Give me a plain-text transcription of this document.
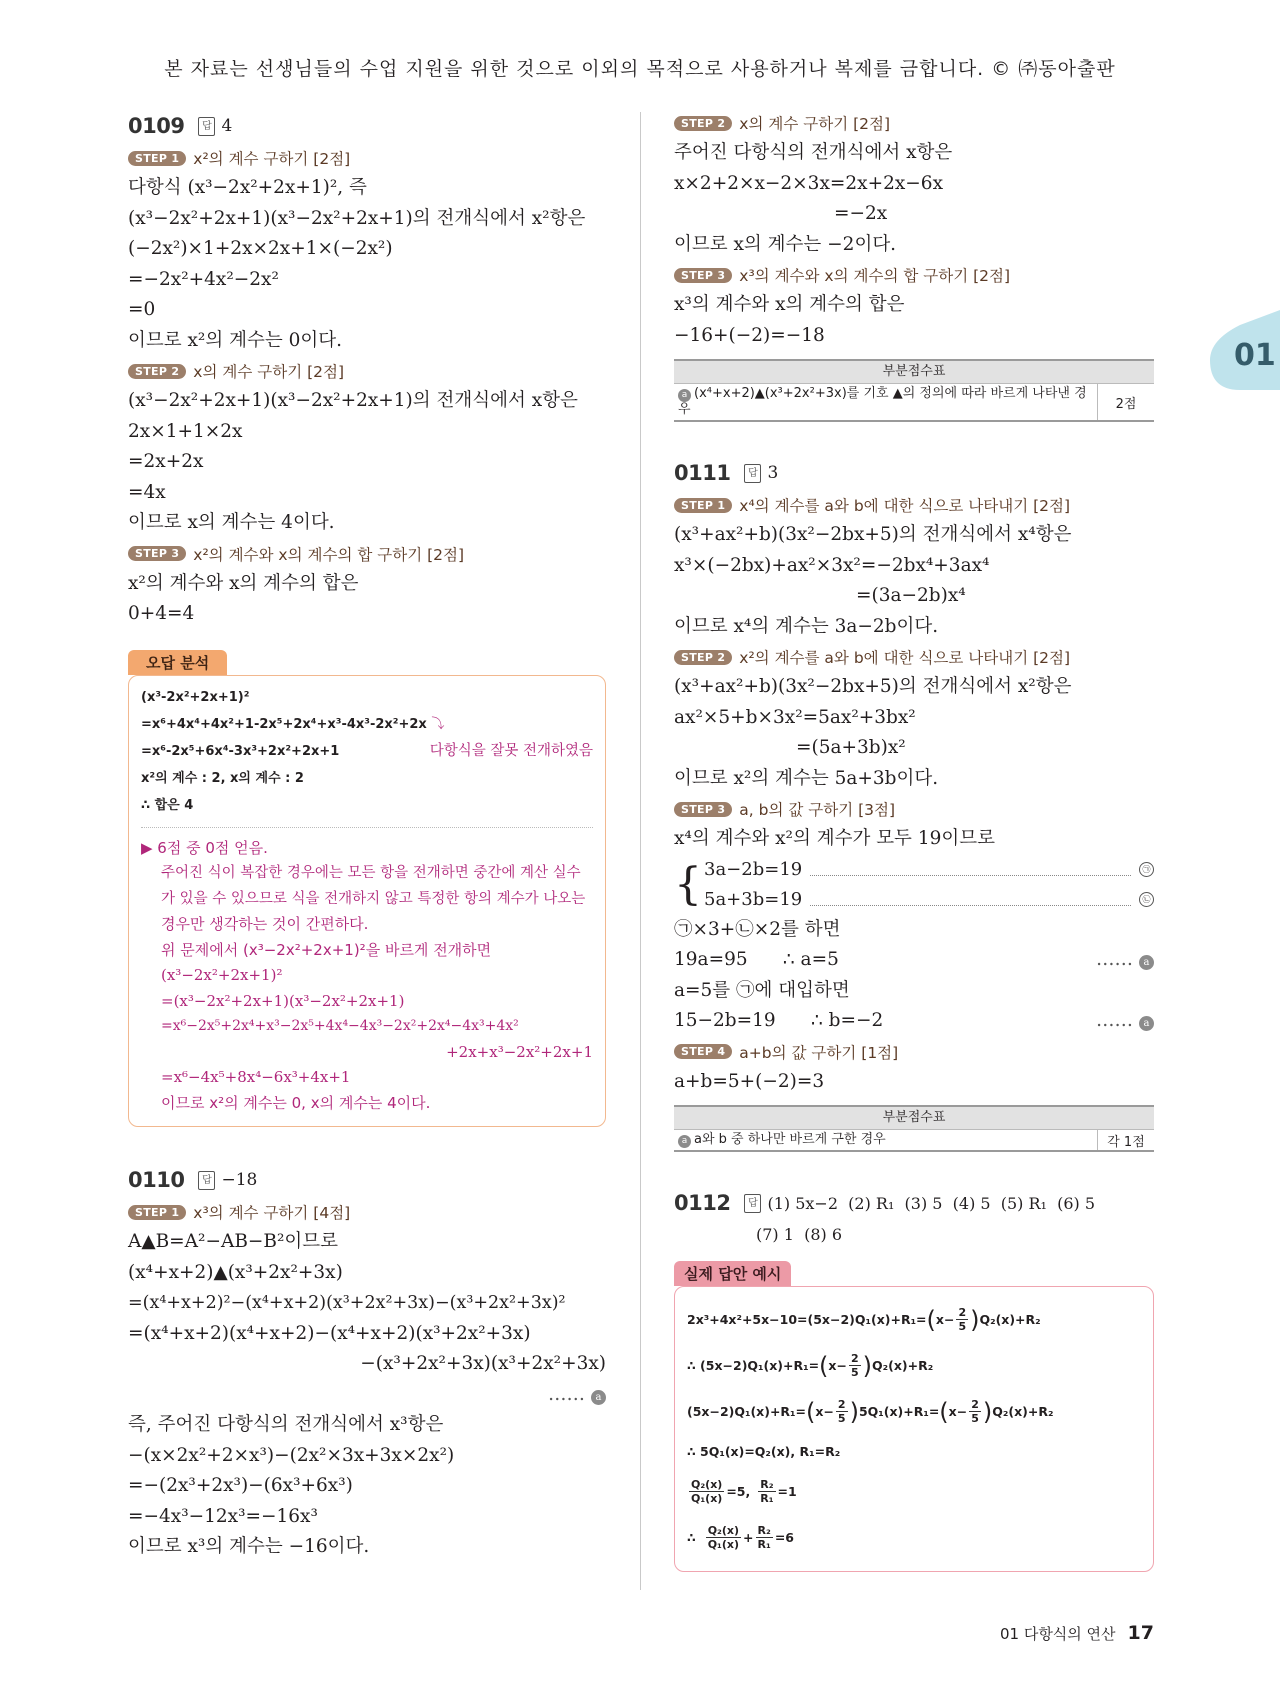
본 자료는 선생님들의 수업 지원을 위한 것으로 이외의 목적으로 사용하거나 복제를 금합니다. © ㈜동아출판
01
0109	답 4
STEP 1 x²의 계수 구하기 [2점]
다항식 (x³−2x²+2x+1)², 즉
(x³−2x²+2x+1)(x³−2x²+2x+1)의 전개식에서 x²항은
(−2x²)×1+2x×2x+1×(−2x²)
=−2x²+4x²−2x²
=0
이므로 x²의 계수는 0이다.
STEP 2 x의 계수 구하기 [2점]
(x³−2x²+2x+1)(x³−2x²+2x+1)의 전개식에서 x항은
2x×1+1×2x
=2x+2x
=4x
이므로 x의 계수는 4이다.
STEP 3 x²의 계수와 x의 계수의 합 구하기 [2점]
x²의 계수와 x의 계수의 합은
0+4=4
오답 분석
(x³-2x²+2x+1)²
=x⁶+4x⁴+4x²+1-2x⁵+2x⁴+x³-4x³-2x²+2x ⤵
=x⁶-2x⁵+6x⁴-3x³+2x²+2x+1	다항식을 잘못 전개하였음
x²의 계수 : 2, x의 계수 : 2
∴ 합은 4
▶ 6점 중 0점 얻음.
주어진 식이 복잡한 경우에는 모든 항을 전개하면 중간에 계산 실수
가 있을 수 있으므로 식을 전개하지 않고 특정한 항의 계수가 나오는
경우만 생각하는 것이 간편하다.
위 문제에서 (x³−2x²+2x+1)²을 바르게 전개하면
(x³−2x²+2x+1)²
=(x³−2x²+2x+1)(x³−2x²+2x+1)
=x⁶−2x⁵+2x⁴+x³−2x⁵+4x⁴−4x³−2x²+2x⁴−4x³+4x²
+2x+x³−2x²+2x+1
=x⁶−4x⁵+8x⁴−6x³+4x+1
이므로 x²의 계수는 0, x의 계수는 4이다.
0110	답 −18
STEP 1 x³의 계수 구하기 [4점]
A▲B=A²−AB−B²이므로
(x⁴+x+2)▲(x³+2x²+3x)
=(x⁴+x+2)²−(x⁴+x+2)(x³+2x²+3x)−(x³+2x²+3x)²
=(x⁴+x+2)(x⁴+x+2)−(x⁴+x+2)(x³+2x²+3x)
−(x³+2x²+3x)(x³+2x²+3x)
…… a
즉, 주어진 다항식의 전개식에서 x³항은
−(x×2x²+2×x³)−(2x²×3x+3x×2x²)
=−(2x³+2x³)−(6x³+6x³)
=−4x³−12x³=−16x³
이므로 x³의 계수는 −16이다.
STEP 2 x의 계수 구하기 [2점]
주어진 다항식의 전개식에서 x항은
x×2+2×x−2×3x=2x+2x−6x
=−2x
이므로 x의 계수는 −2이다.
STEP 3 x³의 계수와 x의 계수의 합 구하기 [2점]
x³의 계수와 x의 계수의 합은
−16+(−2)=−18
부분점수표
a (x⁴+x+2)▲(x³+2x²+3x)를 기호 ▲의 정의에 따라 바르게 나타낸 경우	2점
0111	답 3
STEP 1 x⁴의 계수를 a와 b에 대한 식으로 나타내기 [2점]
(x³+ax²+b)(3x²−2bx+5)의 전개식에서 x⁴항은
x³×(−2bx)+ax²×3x²=−2bx⁴+3ax⁴
=(3a−2b)x⁴
이므로 x⁴의 계수는 3a−2b이다.
STEP 2 x²의 계수를 a와 b에 대한 식으로 나타내기 [2점]
(x³+ax²+b)(3x²−2bx+5)의 전개식에서 x²항은
ax²×5+b×3x²=5ax²+3bx²
=(5a+3b)x²
이므로 x²의 계수는 5a+3b이다.
STEP 3 a, b의 값 구하기 [3점]
x⁴의 계수와 x²의 계수가 모두 19이므로
{ 3a−2b=19	㉠
5a+3b=19	㉡
㉠×3+㉡×2를 하면
19a=95      ∴ a=5	…… a
a=5를 ㉠에 대입하면
15−2b=19      ∴ b=−2	…… a
STEP 4 a+b의 값 구하기 [1점]
a+b=5+(−2)=3
부분점수표
a a와 b 중 하나만 바르게 구한 경우	각 1점
0112	답 (1) 5x−2  (2) R₁  (3) 5  (4) 5  (5) R₁  (6) 5
(7) 1  (8) 6
실제 답안 예시
2x³+4x²+5x−10=(5x−2)Q₁(x)+R₁= ( $x- \frac{2}{5}$ ) Q₂(x)+R₂
∴ (5x−2)Q₁(x)+R₁= ( $x- \frac{2}{5}$ ) Q₂(x)+R₂
(5x−2)Q₁(x)+R₁= ( $x- \frac{2}{5}$ ) 5Q₁(x)+R₁= ( $x- \frac{2}{5}$ ) Q₂(x)+R₂
∴ 5Q₁(x)=Q₂(x), R₁=R₂
$\frac{\text{Q₂(x)}}{\text{Q₁(x)}} =5$, $\frac{\text{R₂}}{\text{R₁}} =1$
∴ $\frac{\text{Q₂(x)}}{\text{Q₁(x)}} + \frac{\text{R₂}}{\text{R₁}} =6$
01 다항식의 연산 17
